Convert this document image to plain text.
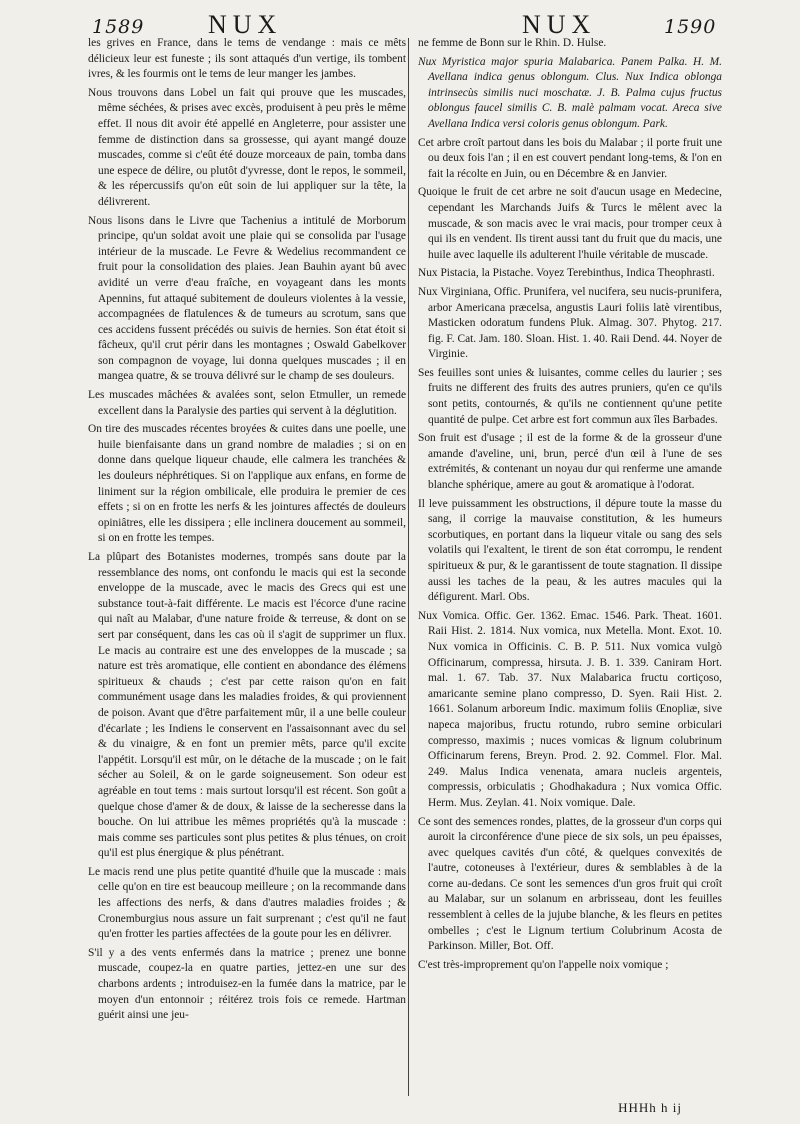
1589 NUX	NUX	1590

les grives en France, dans le tems de vendange : mais ce mêts délicieux leur est funeste ; ils sont attaqués d'un vertige, ils tombent ivres, & les fourmis ont le tems de leur manger les jambes.

Nous trouvons dans Lobel un fait qui prouve que les muscades, même séchées, & prises avec excès, produisent à peu près le même effet. Il nous dit avoir été appellé en Angleterre, pour assister une femme de distinction dans sa grossesse, qui ayant mangé douze muscades, comme si c'eût été douze morceaux de pain, tomba dans une espece de délire, ou plutôt d'yvresse, dont le repos, le sommeil, & les répercussifs qu'on eût soin de lui appliquer sur la tête, la délivrerent.

Nous lisons dans le Livre que Tachenius a intitulé de Morborum principe, qu'un soldat avoit une plaie qui se consolida par l'usage intérieur de la muscade. Le Fevre & Wedelius recommandent ce fruit pour la consolidation des plaies. Jean Bauhin ayant bû avec avidité un verre d'eau fraîche, en voyageant dans les monts Apennins, fut attaqué subitement de douleurs violentes à la vessie, accompagnées de flatulences & de tumeurs au scrotum, sans que ces accidens fussent précédés ou suivis de hernies. Son état étoit si fâcheux, qu'il crut périr dans les montagnes ; Oswald Gabelkover son compagnon de voyage, lui donna quelques muscades ; il en mangea quatre, & se trouva délivré sur le champ de ses douleurs.

Les muscades mâchées & avalées sont, selon Etmuller, un remede excellent dans la Paralysie des parties qui servent à la déglutition.

On tire des muscades récentes broyées & cuites dans une poelle, une huile bienfaisante dans un grand nombre de maladies ; si on en donne dans quelque liqueur chaude, elle calmera les tranchées & les douleurs néphrétiques. Si on l'applique aux enfans, en forme de liniment sur la région ombilicale, elle produira le premier de ces effets ; si on en frotte les nerfs & les jointures affectés de douleurs opiniâtres, elle les dissipera ; elle inclinera doucement au sommeil, si on en frotte les tempes.

La plûpart des Botanistes modernes, trompés sans doute par la ressemblance des noms, ont confondu le macis qui est la seconde enveloppe de la muscade, avec le macis des Grecs qui est une substance tout-à-fait différente. Le macis est l'écorce d'une racine qui naît au Malabar, d'une nature froide & terreuse, & dont on se sert par conséquent, dans les cas où il s'agit de supprimer un flux. Le macis au contraire est une des enveloppes de la muscade ; sa nature est très aromatique, elle contient en abondance des élémens spiritueux & chauds ; c'est par cette raison qu'on en fait communément usage dans les maladies froides, & qui proviennent de poison. Avant que d'être parfaitement mûr, il a une belle couleur d'écarlate ; les Indiens le conservent en l'assaisonnant avec du sel & du vinaigre, & en font un premier mêts, parce qu'il excite l'appétit. Lorsqu'il est mûr, on le détache de la muscade ; on le fait sécher au Soleil, & on le garde soigneusement. Son odeur est agréable en tout tems : mais surtout lorsqu'il est récent. Son goût a quelque chose d'amer & de doux, & laisse de la secheresse dans la bouche. On lui attribue les mêmes propriétés qu'à la muscade : mais comme ses particules sont plus petites & plus ténues, on croit qu'il est plus énergique & plus pénétrant.

Le macis rend une plus petite quantité d'huile que la muscade : mais celle qu'on en tire est beaucoup meilleure ; on la recommande dans les affections des nerfs, & dans d'autres maladies froides ; & Cronemburgius nous assure un fait surprenant ; c'est qu'il ne faut qu'en frotter les parties affectées de la goute pour les en délivrer.

S'il y a des vents enfermés dans la matrice ; prenez une bonne muscade, coupez-la en quatre parties, jettez-en une sur des charbons ardents ; introduisez-en la fumée dans la matrice, par le moyen d'un entonnoir ; réitérez trois fois ce remede. Hartman guérit ainsi une jeu-

ne femme de Bonn sur le Rhin. D. Hulse.

Nux Myristica major spuria Malabarica. Panem Palka. H. M. Avellana indica genus oblongum. Clus. Nux Indica oblonga intrinsecùs similis nuci moschatæ. J. B. Palma cujus fructus oblongus faucel similis C. B. malè palmam vocat. Areca sive Avellana Indica versi coloris genus oblongum. Park.

Cet arbre croît partout dans les bois du Malabar ; il porte fruit une ou deux fois l'an ; il en est couvert pendant long-tems, & l'on en fait la récolte en Juin, ou en Décembre & en Janvier.

Quoique le fruit de cet arbre ne soit d'aucun usage en Medecine, cependant les Marchands Juifs & Turcs le mêlent avec la muscade, & son macis avec le vrai macis, pour tromper ceux à qui ils en vendent. Ils tirent aussi tant du fruit que du macis, une huile avec laquelle ils adulterent l'huile véritable de muscade.

Nux Pistacia, la Pistache. Voyez Terebinthus, Indica Theophrasti.

Nux Virginiana, Offic. Prunifera, vel nucifera, seu nucis-prunifera, arbor Americana præcelsa, angustis Lauri foliis latè virentibus, Masticken odoratum fundens Pluk. Almag. 307. Phytog. 217. fig. F. Cat. Jam. 180. Sloan. Hist. 1. 40. Raii Dend. 44. Noyer de Virginie.

Ses feuilles sont unies & luisantes, comme celles du laurier ; ses fruits ne different des fruits des autres pruniers, qu'en ce qu'ils sont petits, contournés, & qu'ils ne contiennent qu'une petite quantité de pulpe. Cet arbre est fort commun aux îles Barbades.

Son fruit est d'usage ; il est de la forme & de la grosseur d'une amande d'aveline, uni, brun, percé d'un œil à l'une de ses extrémités, & contenant un noyau dur qui renferme une amande blanche sphérique, amere au gout & aromatique à l'odorat.

Il leve puissamment les obstructions, il dépure toute la masse du sang, il corrige la mauvaise constitution, & les humeurs scorbutiques, en portant dans la liqueur vitale ou sang des sels volatils qui l'exaltent, le tirent de son état corrompu, le rendent spiritueux & pur, & le garantissent de toute stagnation. Il dissipe aussi les taches de la peau, & les autres macules qui la défigurent. Marl. Obs.

Nux Vomica. Offic. Ger. 1362. Emac. 1546. Park. Theat. 1601. Raii Hist. 2. 1814. Nux vomica, nux Metella. Mont. Exot. 10. Nux vomica in Officinis. C. B. P. 511. Nux vomica vulgò Officinarum, compressa, hirsuta. J. B. 1. 339. Caniram Hort. mal. 1. 67. Tab. 37. Nux Malabarica fructu cortiçoso, amaricante semine plano compresso, D. Syen. Raii Hist. 2. 1661. Solanum arboreum Indic. maximum foliis Œnopliæ, sive napeca majoribus, fructu rotundo, rubro semine orbiculari compresso, maximis ; nuces vomicas & lignum colubrinum Officinarum ferens, Breyn. Prod. 2. 92. Commel. Flor. Mal. 249. Malus Indica venenata, amara nucleis argenteis, compressis, orbiculatis ; Ghodhakadura ; Nux vomica Offic. Herm. Mus. Zeylan. 41. Noix vomique. Dale.

Ce sont des semences rondes, plattes, de la grosseur d'un corps qui auroit la circonférence d'une piece de six sols, un peu épaisses, avec quelques cavités d'un côté, & quelques convexités de l'autre, cotoneuses à l'extérieur, dures & semblables à de la corne au-dedans. Ce sont les semences d'un gros fruit qui croît au Malabar, sur un solanum en arbrisseau, dont les feuilles ressemblent à celles de la jujube blanche, & les fleurs en petites ombelles ; c'est le Lignum tertium Colubrinum Acosta de Parkinson. Miller, Bot. Off.

C'est très-improprement qu'on l'appelle noix vomique ;

HHHh h ij
